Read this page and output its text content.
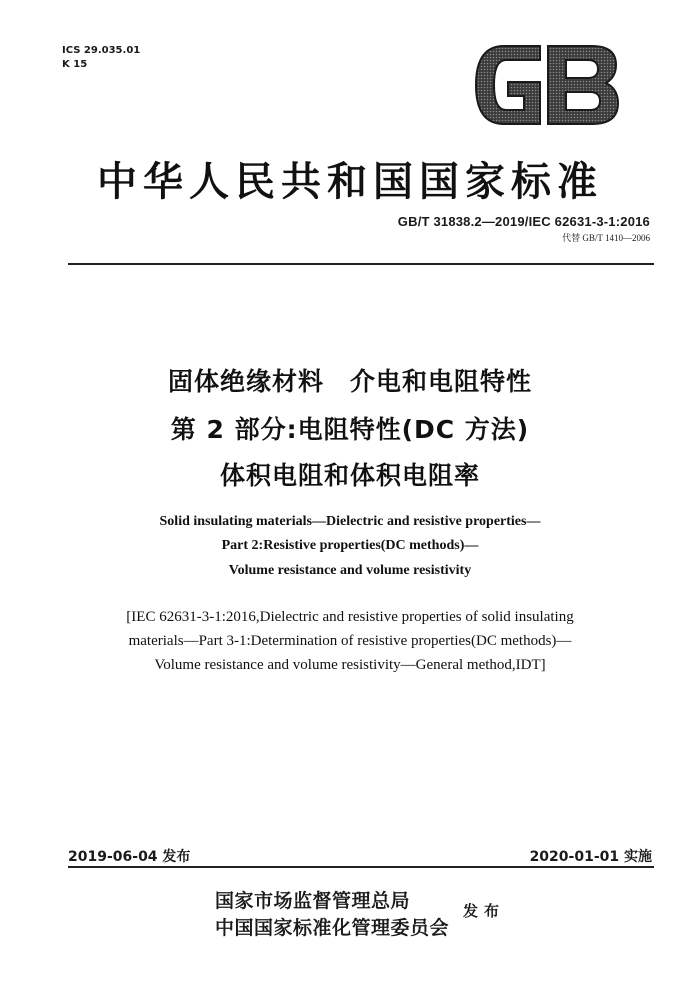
ICS 29.035.01
K 15
中华人民共和国国家标准
GB/T 31838.2—2019/IEC 62631-3-1:2016
代替 GB/T 1410—2006
固体绝缘材料　介电和电阻特性
第 2 部分:电阻特性(DC 方法)
体积电阻和体积电阻率
Solid insulating materials—Dielectric and resistive properties—
Part 2:Resistive properties(DC methods)—
Volume resistance and volume resistivity
[IEC 62631-3-1:2016,Dielectric and resistive properties of solid insulating
materials—Part 3-1:Determination of resistive properties(DC methods)—
Volume resistance and volume resistivity—General method,IDT]
2019-06-04 发布	2020-01-01 实施
国家市场监督管理总局
中国国家标准化管理委员会
发布
